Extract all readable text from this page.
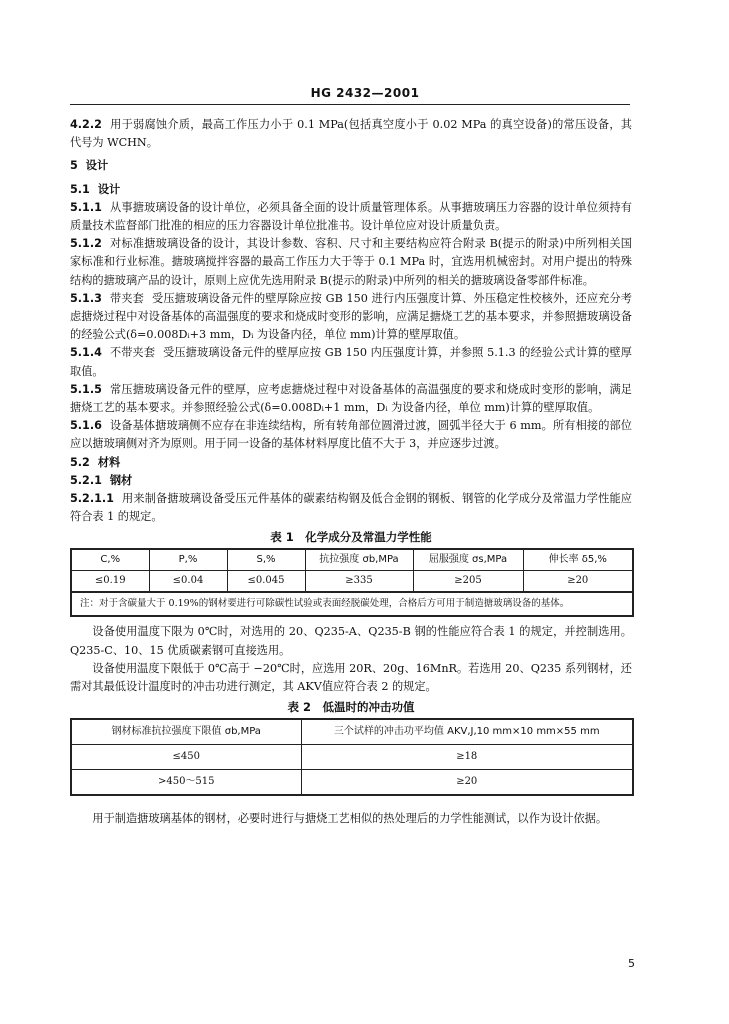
HG 2432—2001

4.2.2 用于弱腐蚀介质，最高工作压力小于 0.1 MPa(包括真空度小于 0.02 MPa 的真空设备)的常压设备，其代号为 WCHN。

5 设计

5.1 设计

5.1.1 从事搪玻璃设备的设计单位，必须具备全面的设计质量管理体系。从事搪玻璃压力容器的设计单位须持有质量技术监督部门批准的相应的压力容器设计单位批准书。设计单位应对设计质量负责。

5.1.2 对标准搪玻璃设备的设计，其设计参数、容积、尺寸和主要结构应符合附录 B(提示的附录)中所列相关国家标准和行业标准。搪玻璃搅拌容器的最高工作压力大于等于 0.1 MPa 时，宜选用机械密封。对用户提出的特殊结构的搪玻璃产品的设计，原则上应优先选用附录 B(提示的附录)中所列的相关的搪玻璃设备零部件标准。

5.1.3 带夹套 受压搪玻璃设备元件的壁厚除应按 GB 150 进行内压强度计算、外压稳定性校核外，还应充分考虑搪烧过程中对设备基体的高温强度的要求和烧成时变形的影响，应满足搪烧工艺的基本要求，并参照搪玻璃设备的经验公式(δ=0.008Dᵢ+3 mm，Dᵢ 为设备内径，单位 mm)计算的壁厚取值。

5.1.4 不带夹套 受压搪玻璃设备元件的壁厚应按 GB 150 内压强度计算，并参照 5.1.3 的经验公式计算的壁厚取值。

5.1.5 常压搪玻璃设备元件的壁厚，应考虑搪烧过程中对设备基体的高温强度的要求和烧成时变形的影响，满足搪烧工艺的基本要求。并参照经验公式(δ=0.008Dᵢ+1 mm，Dᵢ 为设备内径，单位 mm)计算的壁厚取值。

5.1.6 设备基体搪玻璃侧不应存在非连续结构，所有转角部位圆滑过渡，圆弧半径大于 6 mm。所有相接的部位应以搪玻璃侧对齐为原则。用于同一设备的基体材料厚度比值不大于 3，并应逐步过渡。

5.2 材料

5.2.1 钢材

5.2.1.1 用来制备搪玻璃设备受压元件基体的碳素结构钢及低合金钢的钢板、钢管的化学成分及常温力学性能应符合表 1 的规定。

表 1　化学成分及常温力学性能
C,%	P,%	S,%	抗拉强度 σb,MPa	屈服强度 σs,MPa	伸长率 δ5,%
≤0.19	≤0.04	≤0.045	≥335	≥205	≥20
注：对于含碳量大于 0.19%的钢材要进行可除碳性试验或表面经脱碳处理，合格后方可用于制造搪玻璃设备的基体。					

设备使用温度下限为 0℃时，对选用的 20、Q235-A、Q235-B 钢的性能应符合表 1 的规定，并控制选用。Q235-C、10、15 优质碳素钢可直接选用。

设备使用温度下限低于 0℃高于 −20℃时，应选用 20R、20g、16MnR。若选用 20、Q235 系列钢材，还需对其最低设计温度时的冲击功进行测定，其 AKV值应符合表 2 的规定。

表 2　低温时的冲击功值
钢材标准抗拉强度下限值 σb,MPa	三个试样的冲击功平均值 AKV,J,10 mm×10 mm×55 mm
≤450	≥18
>450～515	≥20

用于制造搪玻璃基体的钢材，必要时进行与搪烧工艺相似的热处理后的力学性能测试，以作为设计依据。

5
